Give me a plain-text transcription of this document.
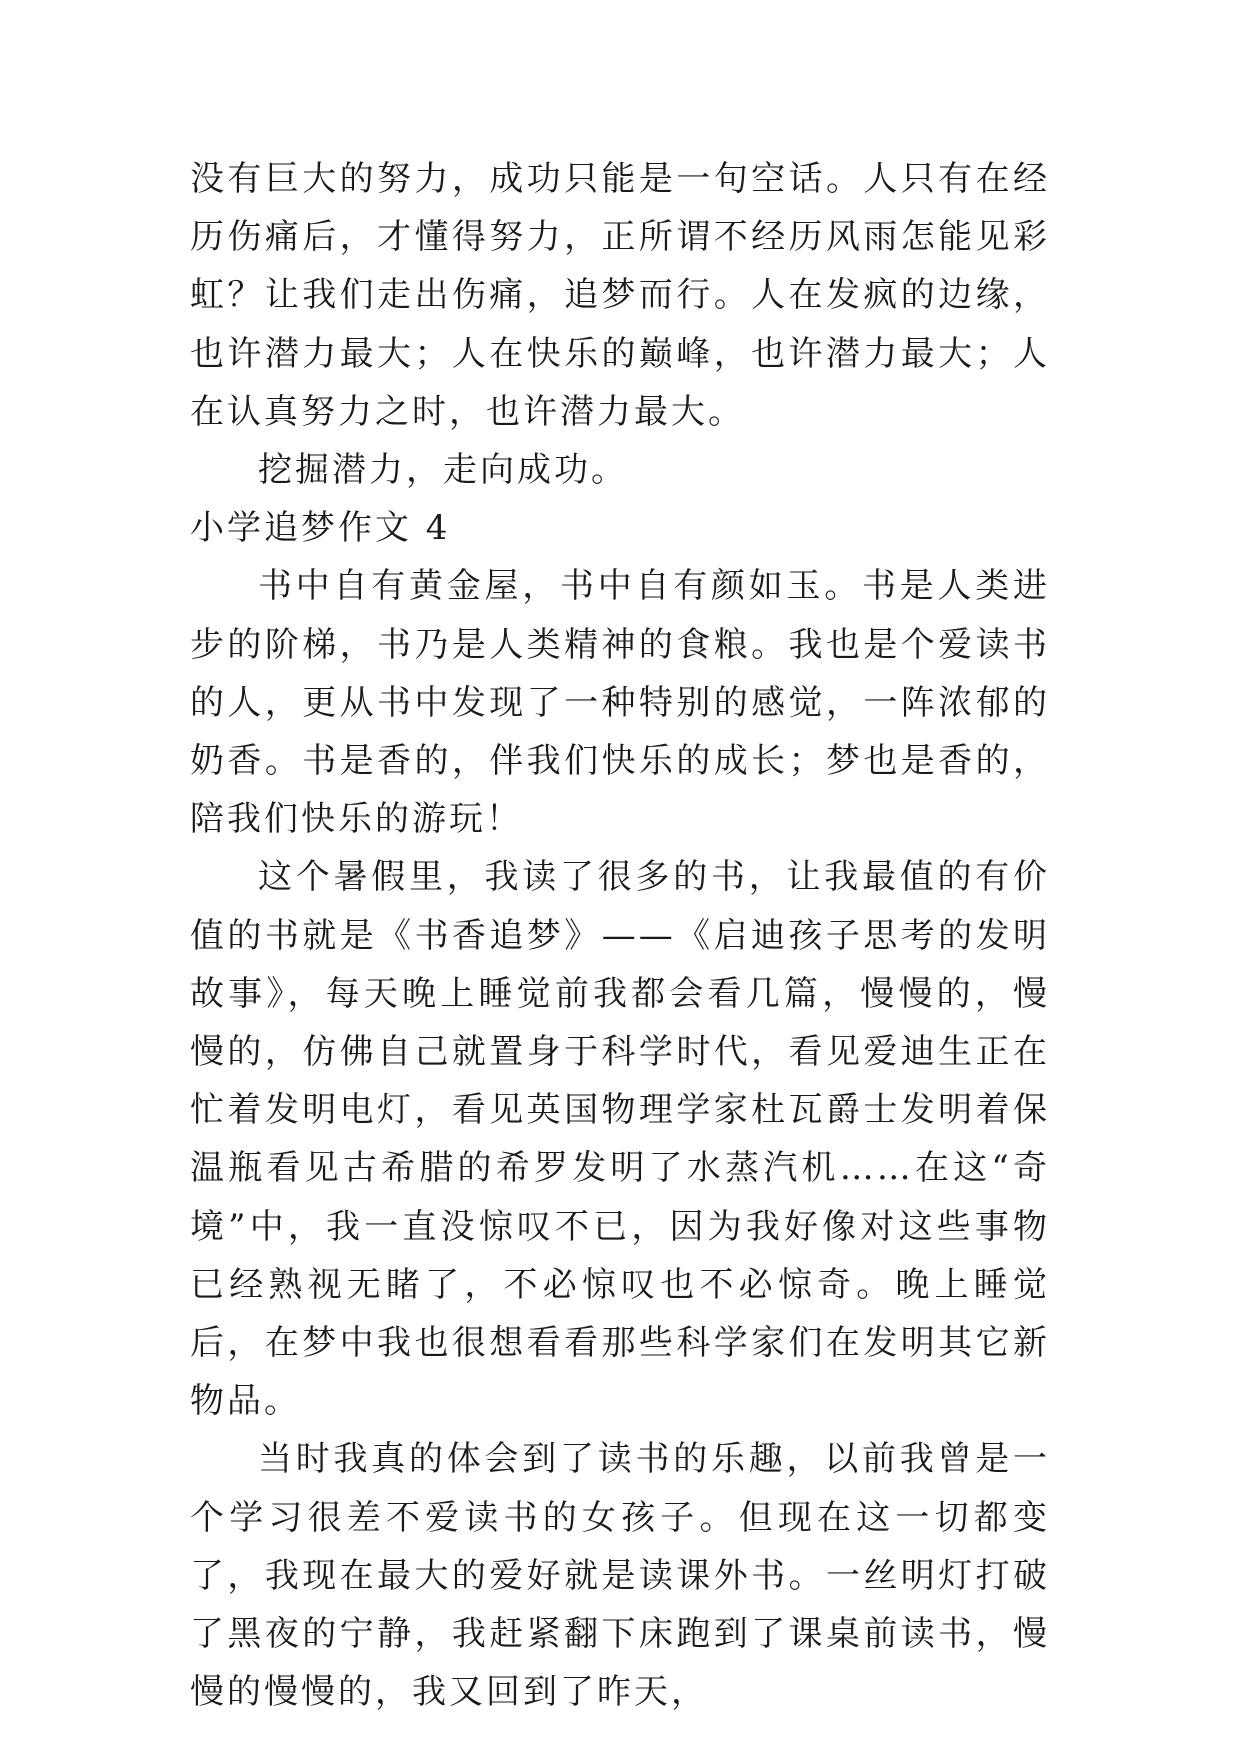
没有巨大的努力，成功只能是一句空话。人只有在经历伤痛后，才懂得努力，正所谓不经历风雨怎能见彩虹？让我们走出伤痛，追梦而行。人在发疯的边缘，也许潜力最大；人在快乐的巅峰，也许潜力最大；人在认真努力之时，也许潜力最大。

挖掘潜力，走向成功。

小学追梦作文 4

书中自有黄金屋，书中自有颜如玉。书是人类进步的阶梯，书乃是人类精神的食粮。我也是个爱读书的人，更从书中发现了一种特别的感觉，一阵浓郁的奶香。书是香的，伴我们快乐的成长；梦也是香的，陪我们快乐的游玩！

这个暑假里，我读了很多的书，让我最值的有价值的书就是《书香追梦》——《启迪孩子思考的发明故事》，每天晚上睡觉前我都会看几篇，慢慢的，慢慢的，仿佛自己就置身于科学时代，看见爱迪生正在忙着发明电灯，看见英国物理学家杜瓦爵士发明着保温瓶看见古希腊的希罗发明了水蒸汽机……在这“奇境”中，我一直没惊叹不已，因为我好像对这些事物已经熟视无睹了，不必惊叹也不必惊奇。晚上睡觉后，在梦中我也很想看看那些科学家们在发明其它新物品。

当时我真的体会到了读书的乐趣，以前我曾是一个学习很差不爱读书的女孩子。但现在这一切都变了，我现在最大的爱好就是读课外书。一丝明灯打破了黑夜的宁静，我赶紧翻下床跑到了课桌前读书，慢慢的慢慢的，我又回到了昨天，
